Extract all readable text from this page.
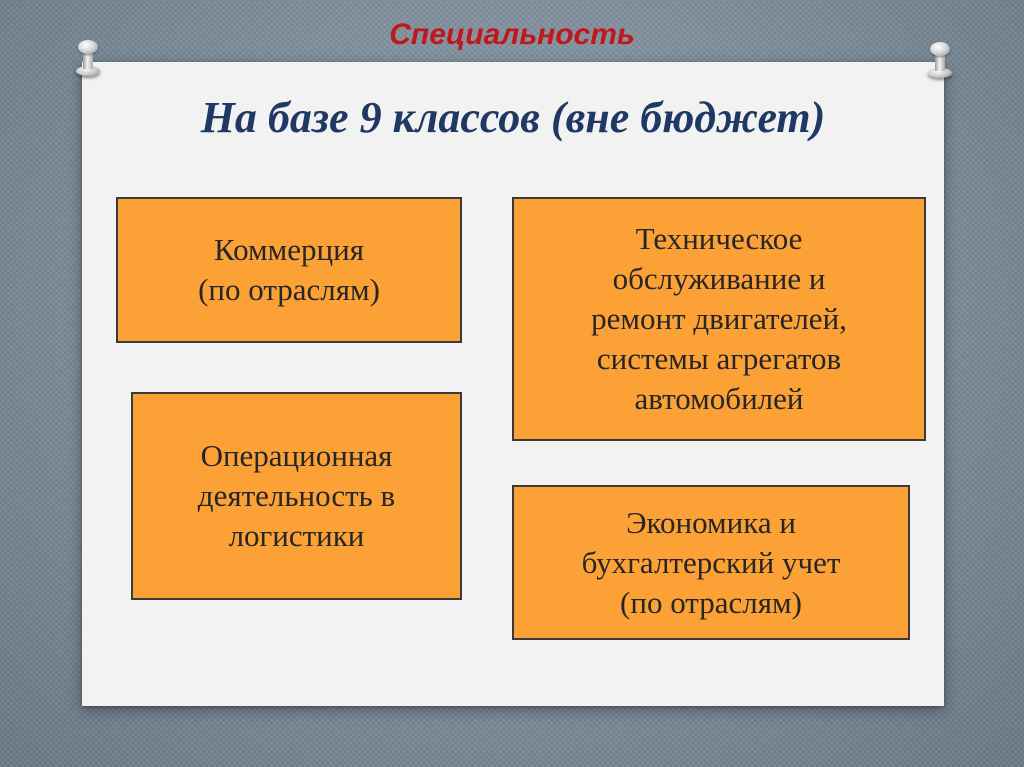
Специальность
На базе 9 классов (вне бюджет)
Коммерция
(по отраслям)
Техническое
обслуживание и
ремонт двигателей,
системы агрегатов
автомобилей
Операционная
деятельность в
логистики	Экономика и
бухгалтерский учет
(по отраслям)
